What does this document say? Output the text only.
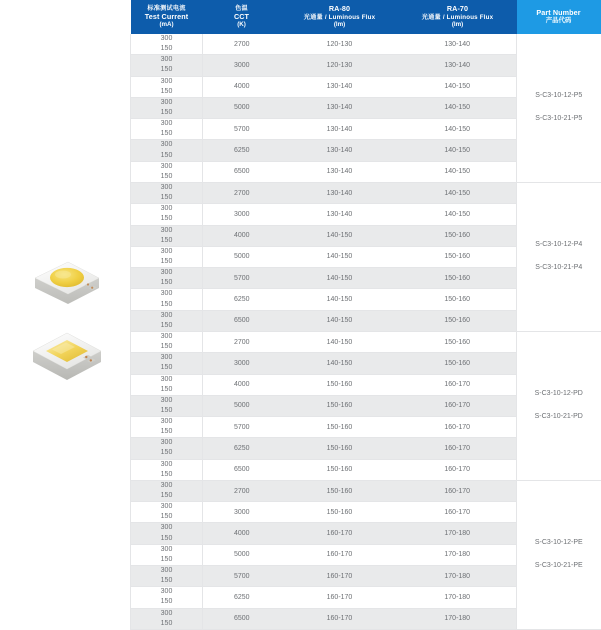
标准测试电流
Test Current
(mA)	色温
CCT
(K)	RA-80
光通量 / Luminous Flux
(lm)	RA-70
光通量 / Luminous Flux
(lm)	Part Number
产品代码

300
150
	2700	120-130	130-140	
S-C3-10-12-P5
S-C3-10-21-P5

300
150	3000	120-130	130-140	

300
150	4000	130-140	140-150	

300
150	5000	130-140	140-150	

300
150	5700	130-140	140-150	

300
150	6250	130-140	140-150	

300
150	6500	130-140	140-150	

300
150
	2700	130-140	140-150	
S-C3-10-12-P4
S-C3-10-21-P4

300
150	3000	130-140	140-150	

300
150	4000	140-150	150-160	

300
150	5000	140-150	150-160	

300
150	5700	140-150	150-160	

300
150	6250	140-150	150-160	

300
150	6500	140-150	150-160	

300
150
	2700	140-150	150-160	
S-C3-10-12-PD
S-C3-10-21-PD

300
150	3000	140-150	150-160	

300
150	4000	150-160	160-170	

300
150	5000	150-160	160-170	

300
150	5700	150-160	160-170	

300
150	6250	150-160	160-170	

300
150	6500	150-160	160-170	

300
150
	2700	150-160	160-170	
S-C3-10-12-PE
S-C3-10-21-PE

300
150	3000	150-160	160-170	

300
150	4000	160-170	170-180	

300
150	5000	160-170	170-180	

300
150	5700	160-170	170-180	

300
150	6250	160-170	170-180	

300
150	6500	160-170	170-180	
